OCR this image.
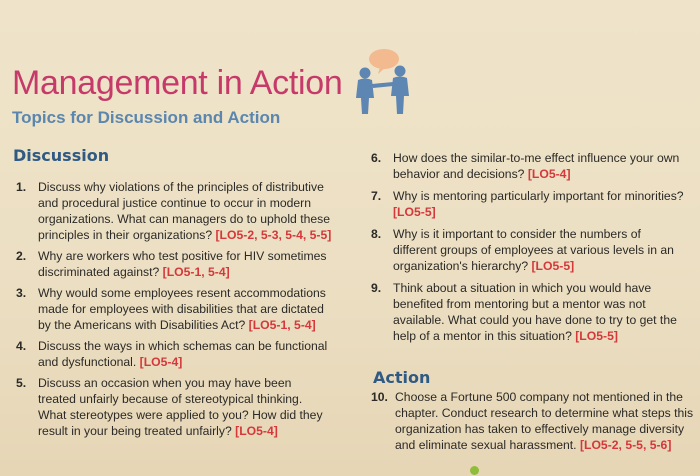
Management in Action
Topics for Discussion and Action
Discussion
1. Discuss why violations of the principles of distributive
and procedural justice continue to occur in modern
organizations. What can managers do to uphold these
principles in their organizations? [LO5-2, 5-3, 5-4, 5-5]
2. Why are workers who test positive for HIV sometimes
discriminated against? [LO5-1, 5-4]
3. Why would some employees resent accommodations
made for employees with disabilities that are dictated
by the Americans with Disabilities Act? [LO5-1, 5-4]
4. Discuss the ways in which schemas can be functional
and dysfunctional. [LO5-4]
5. Discuss an occasion when you may have been
treated unfairly because of stereotypical thinking.
What stereotypes were applied to you? How did they
result in your being treated unfairly? [LO5-4]
6. How does the similar-to-me effect influence your own
behavior and decisions? [LO5-4]
7. Why is mentoring particularly important for minorities?
[LO5-5]
8. Why is it important to consider the numbers of
different groups of employees at various levels in an
organization's hierarchy? [LO5-5]
9. Think about a situation in which you would have
benefited from mentoring but a mentor was not
available. What could you have done to try to get the
help of a mentor in this situation? [LO5-5]
Action
10. Choose a Fortune 500 company not mentioned in the
chapter. Conduct research to determine what steps this
organization has taken to effectively manage diversity
and eliminate sexual harassment. [LO5-2, 5-5, 5-6]
